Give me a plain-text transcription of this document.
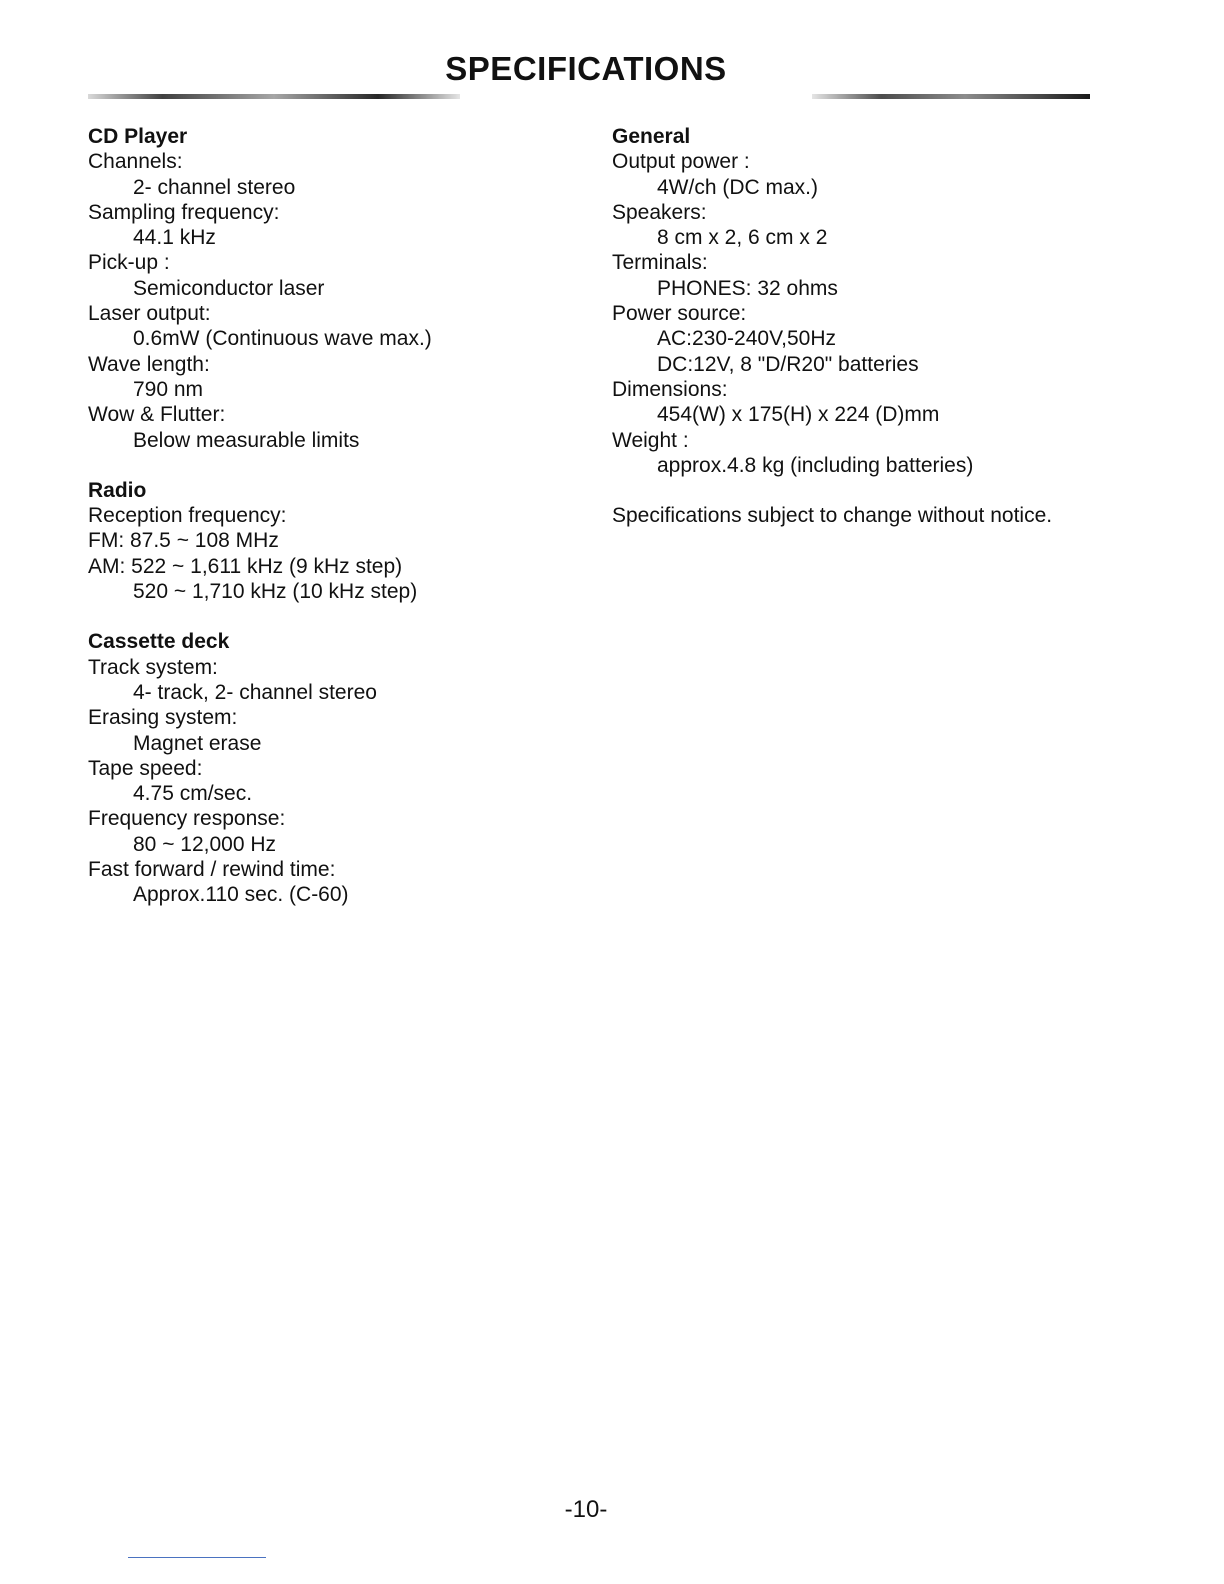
SPECIFICATIONS
CD Player
Channels:
2- channel stereo
Sampling frequency:
44.1 kHz
Pick-up :
Semiconductor laser
Laser output:
0.6mW (Continuous wave max.)
Wave length:
790 nm
Wow & Flutter:
Below measurable limits
Radio
Reception frequency:
FM: 87.5 ~ 108 MHz
AM: 522 ~ 1,611 kHz (9 kHz step)
520 ~ 1,710 kHz (10 kHz step)
Cassette deck
Track system:
4- track, 2- channel stereo
Erasing system:
Magnet erase
Tape speed:
4.75 cm/sec.
Frequency response:
80 ~ 12,000 Hz
Fast forward / rewind time:
Approx.110 sec. (C-60)
General
Output power :
4W/ch (DC max.)
Speakers:
8 cm x 2, 6 cm x 2
Terminals:
PHONES: 32 ohms
Power source:
AC:230-240V,50Hz
DC:12V, 8 "D/R20" batteries
Dimensions:
454(W) x 175(H) x 224 (D)mm
Weight :
approx.4.8 kg (including batteries)
Specifications subject to change without notice.
-10-
